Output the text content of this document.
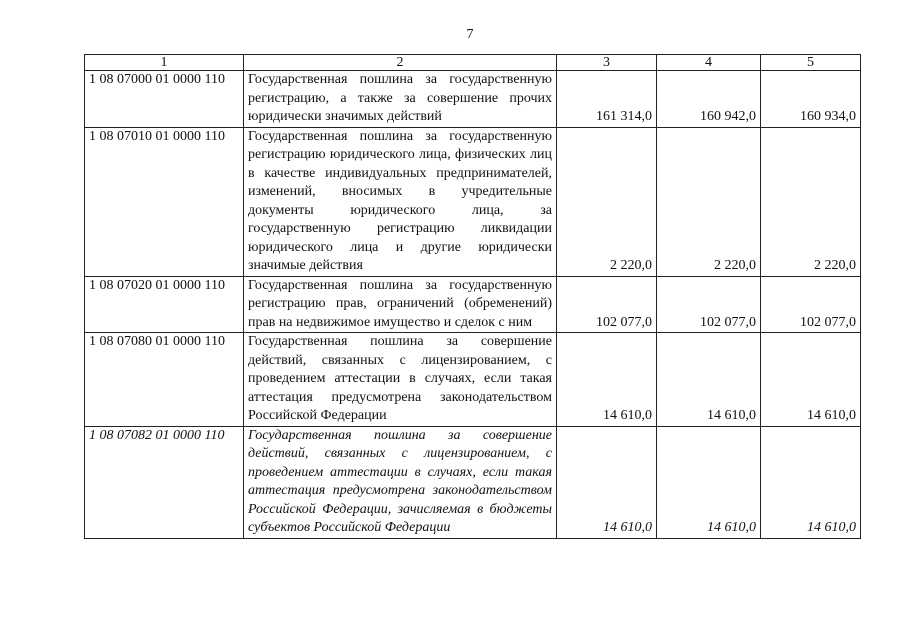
7
1	2	3	4	5
1 08 07000 01 0000 110	Государственная пошлина за государственную регистрацию, а также за совершение прочих юридически значимых действий	161 314,0	160 942,0	160 934,0
1 08 07010 01 0000 110	Государственная пошлина за государственную регистрацию юридического лица, физических лиц в качестве индивидуальных предпринимателей, изменений, вносимых в учредительные документы юридического лица, за государственную регистрацию ликвидации юридического лица и другие юридически значимые действия	2 220,0	2 220,0	2 220,0
1 08 07020 01 0000 110	Государственная пошлина за государственную регистрацию прав, ограничений (обременений) прав на недвижимое имущество и сделок с ним	102 077,0	102 077,0	102 077,0
1 08 07080 01 0000 110	Государственная пошлина за совершение действий, связанных с лицензированием, с проведением аттестации в случаях, если такая аттестация предусмотрена законодательством Российской Федерации	14 610,0	14 610,0	14 610,0
1 08 07082 01 0000 110	Государственная пошлина за совершение действий, связанных с лицензированием, с проведением аттестации в случаях, если такая аттестация предусмотрена законодательством Российской Федерации, зачисляемая в бюджеты субъектов Российской Федерации	14 610,0	14 610,0	14 610,0
